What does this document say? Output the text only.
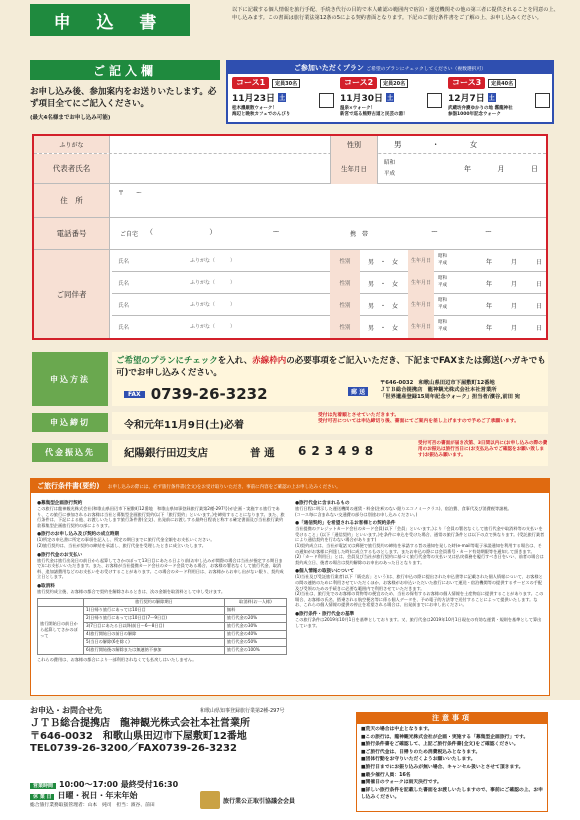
申 込 書
以下に記載する個人情報を旅行手配、手続き代行の目的で本人確認の範囲内で宿泊・運送機関その他の第三者に提供されることを同意の上、申し込みます。この書面は旅行業法第12条の5による契約書面となります。下記のご旅行条件書をご了解の上、お申し込みください。
ご記入欄
お申し込み後、参加案内をお送りいたします。必ず項目全てにご記入ください。
(最大4名様までお申し込み可能)
ご参加いただくプラン ご希望のプランにチェックしてください（複数選択可）
コース1	定員30名
11月23日 土
桂木濃厳散ウォーク！
海辺と晩秋カフェでのんびり
コース2	定員20名
11月30日 土
温泉×ウォーク！
新宮で巡る熊野古道と民芸の湯！
コース3	定員40名
12月7日 土
武蔵坊弁慶ゆかりの地 霧龍神社
参詣1000年記念ウォーク
ふりがな	性別	男	・	女
代表者氏名	生年月日
昭和
平成
年	月	日
住　所
〒　　ー
電話番号	ご自宅 （	）	ー	携　帯	ー	ー
ご同伴者
氏名	ふりがな（　　　）	性別	男 ・ 女	生年月日
昭和
平成	年	月	日
氏名	ふりがな（　　　）	性別	男 ・ 女	生年月日
昭和
平成	年	月	日
氏名	ふりがな（　　　）	性別	男 ・ 女	生年月日
昭和
平成	年	月	日
氏名	ふりがな（　　　）	性別	男 ・ 女	生年月日
昭和
平成	年	月	日
申込方法
ご希望のプランにチェックを入れ、赤線枠内の必要事項をご記入いただき、下記までFAXまたは郵送(ハガキでも可)でお申し込みください。
FAX 0739-26-3232	郵 送
〒646-0032　和歌山県田辺市下屋敷町12番地
ＪＴＢ総合提携店　龍神観光株式会社本社営業所
「世界遺産登録15周年記念ウォーク」担当者/濱谷,前田 宛
申込締切	令和元年11月9日(土)必着
受付は先着順とさせていただきます。
受付可否については申込締切り後、書面にてご案内を差し上げますので予めご了承願います。
代金振込先	紀陽銀行田辺支店	普 通 623498
受付可否の書面が届き次第、3日間以内に(お申し込みの際の費用のお振込は旅行当日に(お支払込みでご確認をお願い致します)お振込み願います。
ご旅行条件書(要約) お申し込みの際には、必ず旅行条件書(全文)をお受け取りいただき、事前に内容をご確認の上お申し込みください。
●募集型企画旅行契約
この旅行は龍神観光株式会社(和歌山県田辺市下屋敷町12番地　和歌山県知事登録旅行業第2種-297号)が企画・実施する旅行であり、この旅行に参加されるお客様は当社と募集型企画旅行契約(以下「旅行契約」といいます。)を締結することになります。また、旅行条件は、下記による他、お渡しいたします旅行条件書(全文)、出発前にお渡しする最終日程表と称する確定書面及び当社旅行業約款募集型企画旅行契約の部によります。
●旅行のお申し込み及び契約の成立時期
(1)所定の申込書に所定の事項を記入し、所定の期日までに旅行代金全額をお支払いください。
(2)旅行契約は、当社が契約の締結を承諾し、旅行代金を受理したときに成立いたします。
●旅行代金のお支払い
旅行代金は旅行出発日の前日から起算してさかのぼって13日目にあたる日より前(お申し込みが間際の場合は当社が指定する期日まで)にお支払いいただきます。また、お客様が当社提携カード会社のカード会員である場合、お客様の署名なくして旅行代金、取消料、追加諸費用などのお支払いをお受けすることがあります。この場合のカード利用日は、お客様からお申し出がない限り、契約成立日とします。
●取消料
旅行契約成立後、お客様の都合で契約を解除されるときは、次の金額を取消料として申し受けます。
	旅行契約の解除期日	取消料(お一人様)
旅行開始日の前日から起算してさかのぼって	1)日帰り旅行にあっては10日目	無料
	2)日帰り旅行にあっては10日目(7〜9日目)	旅行代金の20%
	3)7日目にあたる日以降(前日〜6〜8日目)	旅行代金の30%
	4)旅行開始日の前日の解除	旅行代金の40%
	5)当日の解除(6を除く)	旅行代金の50%
	6)旅行開始後の解除または無連絡不参加	旅行代金の100%
これらの費用は、お客様の都合により一部利用されなくても払戻しはいたしません。
●旅行代金に含まれるもの
旅行日程に明示した運送機関の運賃・料金(注釈のない限りエコノミークラス)、宿泊費、食事代及び消費税等諸税。
(コース毎に含まれない交通費の部分は別途お申し込みください。)
●「通信契約」を希望されるお客様との契約条件
当社提携のクレジットカード会社のカード会員(以下「会員」といいます。)より「会員の署名なくして旅行代金や取消料等の支払いを受けること」(以下「通信契約」といいます。)を条件に申込を受けた場合、通常の旅行条件とは以下の点で異なります。(受託旅行業者により通信契約を行わない場合があります)
(1)契約成立は、当社が電話又は郵便で旅行契約の締結を承諾する旨の通知を発した時(e-mail等電子承諾通知を利用する場合は、その通知がお客様に到達した時)に成立するものとします。またお申込の際には会員番号・カード有効期限等を通知して頂きます。
(2)「カード利用日」とは、会員及び当社が旅行契約に基づく旅行代金等の支払い又は払戻債務を履行すべき日をいい、前者の場合は契約成立日、後者の場合は契約解除のお申出のあった日となります。
●個人情報の取扱いについて
(1)当社及び受託旅行業者(以下「販売店」という)は、旅行申込の際に提出された申込書等に記載された個人情報について、お客様との間の連絡のために利用させていただくほか、お客様がお申込いただいた旅行において運送・宿泊機関等の提供するサービスの手配及び受領のための手続きに必要な範囲内で利用させていただきます。
(2)当社は、旅行先でのお客様の買物等の便宜のため、当社の保有するお客様の個人情報を土産物店に提供することがあります。この場合、お客様の氏名、搭乗される航空便名等に係る個人データを、予め電子的方法等で送付することによって提供いたします。なお、これらの個人情報の提供の停止を希望される場合は、出発前までにお申し出ください。
●旅行条件・旅行代金の基準
この旅行条件は2019年10月1日を基準としております。又、旅行代金は2019年10月1日現在の有効な運賃・規則を基準として算出しています。
お申込・お問合せ先	和歌山県知事登録旅行業第2種-297号
ＪＴＢ総合提携店　龍神観光株式会社本社営業所
〒646-0032　和歌山県田辺市下屋敷町12番地
TEL0739-26-3200／FAX0739-26-3232
営業時間 10:00〜17:00 最終受付16:30
休 業 日 日曜・祝日・年末年始
総合旅行業務取扱管理者：山本　純司　担当：濱谷、前田
旅行業公正取引協議会会員
注意事項
■荒天の場合は中止となります。
■この旅行は、龍神観光株式会社が企画・実施する「募集型企画旅行」です。
■旅行条件書をご確認して、上記ご旅行条件書(全文)をご確認ください。
■ご旅行代金は、日帰りのため消費税込みとなります。
■団体行動をお守りいただくようお願いいたします。
■旅行日までにお振り込みが無い場合、キャンセル扱いとさせて頂きます。
■最少催行人員：16名
■開催日のウォークは雨天決行です。
■詳しい旅行条件を記載した書面をお渡しいたしますので、事前にご確認の上、お申し込みください。
